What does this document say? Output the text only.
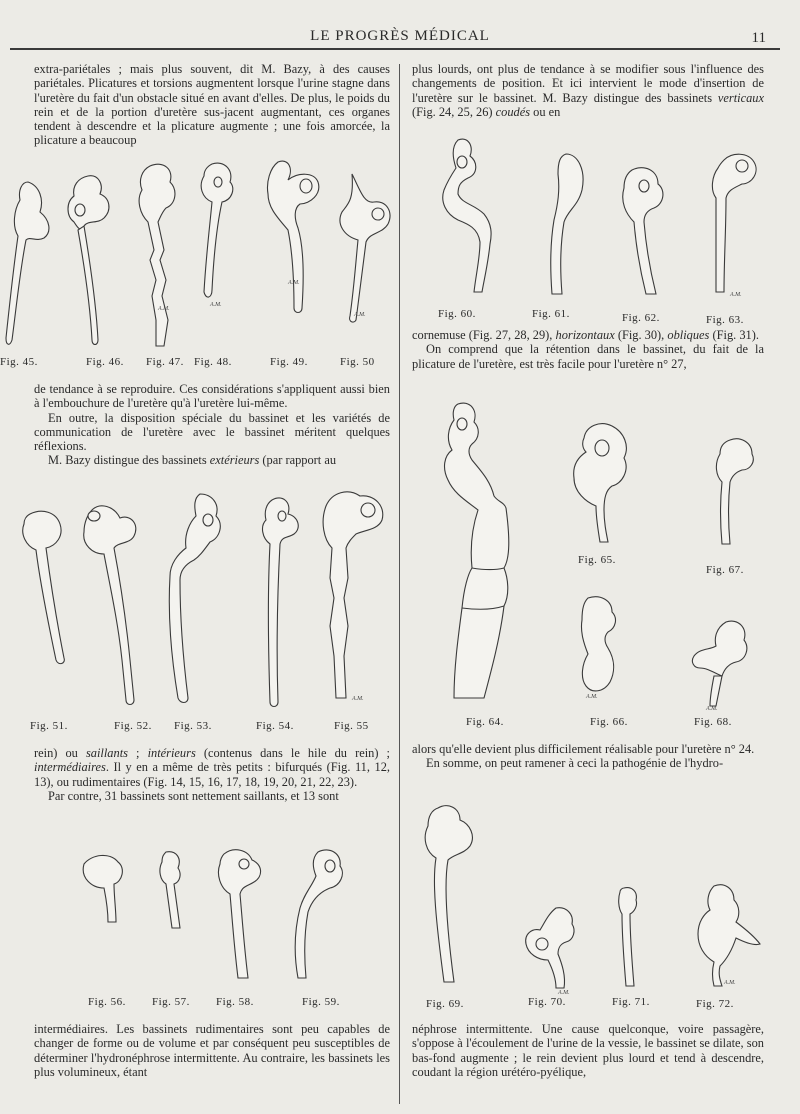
LE PROGRÈS MÉDICAL	11

extra-pariétales ; mais plus souvent, dit M. Bazy, à des causes pariétales. Plicatures et torsions augmentent lorsque l'urine stagne dans l'uretère du fait d'un obstacle situé en avant d'elles. De plus, le poids du rein et de la portion d'uretère sus-jacent augmentant, ces organes tendent à descendre et la plicature augmente ; une fois amorcée, la plicature a beaucoup

de tendance à se reproduire. Ces considérations s'appliquent aussi bien à l'embouchure de l'uretère qu'à l'uretère lui-même.

En outre, la disposition spéciale du bassinet et les variétés de communication de l'uretère avec le bassinet méritent quelques réflexions.

M. Bazy distingue des bassinets extérieurs (par rapport au

rein) ou saillants ; intérieurs (contenus dans le hile du rein) ; intermédiaires. Il y en a même de très petits : bifurqués (Fig. 11, 12, 13), ou rudimentaires (Fig. 14, 15, 16, 17, 18, 19, 20, 21, 22, 23).

Par contre, 31 bassinets sont nettement saillants, et 13 sont

intermédiaires. Les bassinets rudimentaires sont peu capables de changer de forme ou de volume et par conséquent peu susceptibles de déterminer l'hydronéphrose intermittente. Au contraire, les bassinets les plus volumineux, étant

plus lourds, ont plus de tendance à se modifier sous l'influence des changements de position. Et ici intervient le mode d'insertion de l'uretère sur le bassinet. M. Bazy distingue des bassinets verticaux (Fig. 24, 25, 26) coudés ou en

cornemuse (Fig. 27, 28, 29), horizontaux (Fig. 30), obliques (Fig. 31).

On comprend que la rétention dans le bassinet, du fait de la plicature de l'uretère, est très facile pour l'uretère n° 27,

alors qu'elle devient plus difficilement réalisable pour l'uretère n° 24.

En somme, on peut ramener à ceci la pathogénie de l'hydro-

néphrose intermittente. Une cause quelconque, voire passagère, s'oppose à l'écoulement de l'urine de la vessie, le bassinet se dilate, son bas-fond augmente ; le rein devient plus lourd et tend à descendre, coudant la région urétéro-pyélique,

A.M.
A.M.
A.M.
A.M.
Fig. 45.	Fig. 46. Fig. 47. Fig. 48.	Fig. 49.	Fig. 50
A.M.
Fig. 51.	Fig. 52. Fig. 53.	Fig. 54.	Fig. 55
Fig. 56. Fig. 57. Fig. 58.	Fig. 59.
A.M.
Fig. 60.	Fig. 61.	Fig. 62.	Fig. 63.
A.M.
A.M.
Fig. 64.
Fig. 65.
Fig. 67.
Fig. 66.	Fig. 68.
A.M.
A.M.
Fig. 69.	Fig. 70.	Fig. 71.	Fig. 72.
